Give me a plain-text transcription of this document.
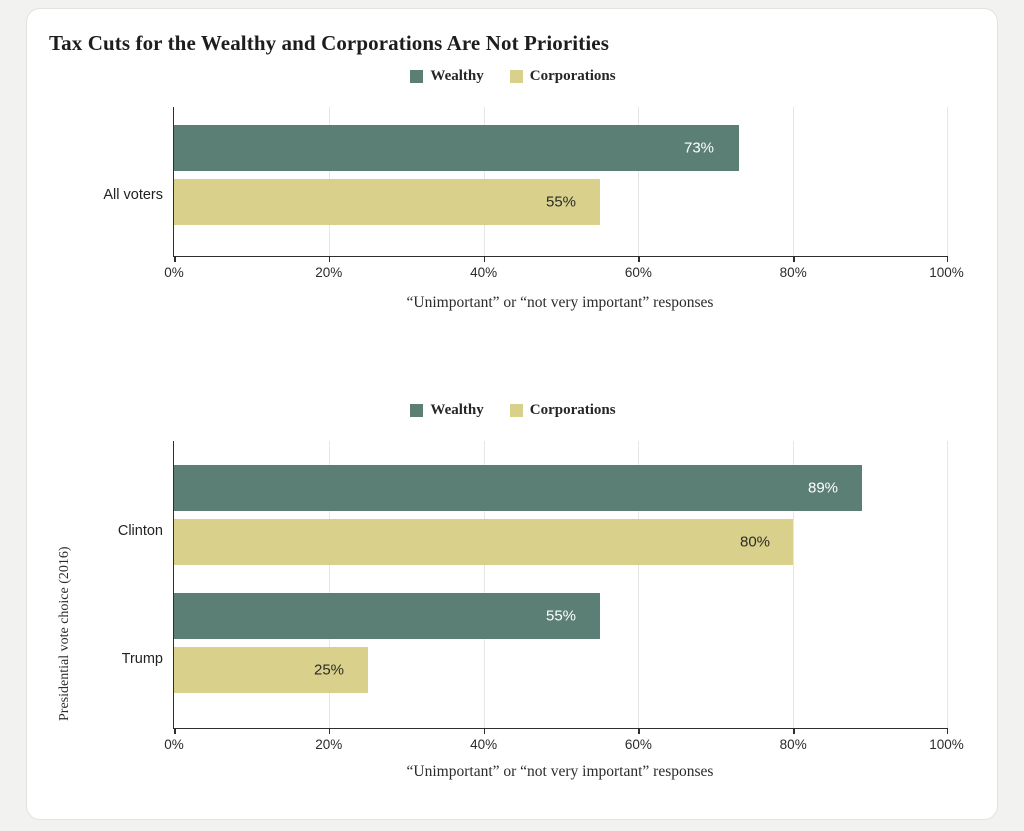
Tax Cuts for the Wealthy and Corporations Are Not Priorities
Wealthy	Corporations
73%
55%
0%	20%	40%	60%	80%	100%
All voters
“Unimportant” or “not very important” responses
Wealthy	Corporations
89%
80%
55%
25%
0%	20%	40%	60%	80%	100%
Clinton
Trump
Presidential vote choice (2016)
“Unimportant” or “not very important” responses
